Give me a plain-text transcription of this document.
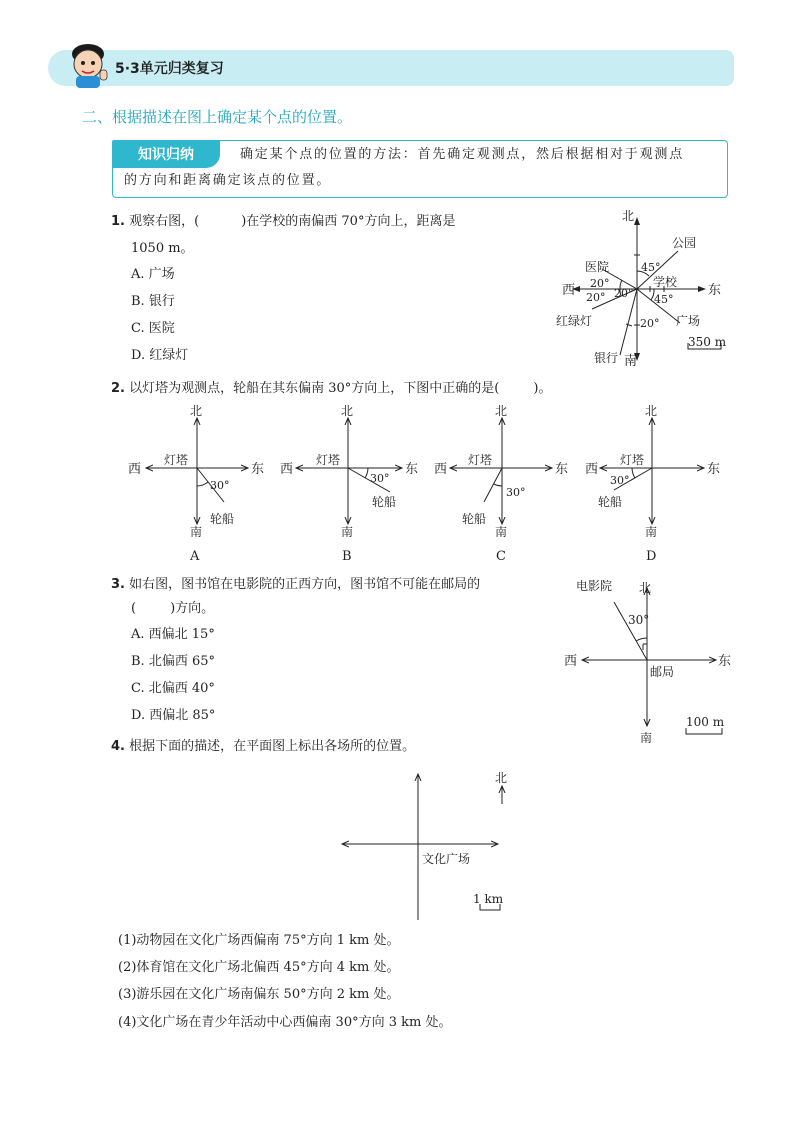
5·3单元归类复习
二、根据描述在图上确定某个点的位置。
知识归纳	确定某个点的位置的方法：首先确定观测点，然后根据相对于观测点
的方向和距离确定该点的位置。
1. 观察右图，(	)在学校的南偏西 70°方向上，距离是
1050 m。
A. 广场
B. 银行
C. 医院
D. 红绿灯
北
东
西
南
公园
医院
学校
广场
银行
红绿灯
45°
20°
20° 20° 45°
20°
350 m
2. 以灯塔为观测点，轮船在其东偏南 30°方向上，下图中正确的是(	)。
北
南
东
西
灯塔
轮船
30°
A
北
南
东
西
灯塔
轮船
30°
B
北
南
东
西
灯塔
轮船
30°
C
北
南
东
西
灯塔
轮船
30°
D
3. 如右图，图书馆在电影院的正西方向，图书馆不可能在邮局的
(	)方向。
A. 西偏北 15°
B. 北偏西 65°
C. 北偏西 40°
D. 西偏北 85°
北
南
东
西
电影院
邮局
30°
100 m
4. 根据下面的描述，在平面图上标出各场所的位置。
北
文化广场
1 km
(1)动物园在文化广场西偏南 75°方向 1 km 处。
(2)体育馆在文化广场北偏西 45°方向 4 km 处。
(3)游乐园在文化广场南偏东 50°方向 2 km 处。
(4)文化广场在青少年活动中心西偏南 30°方向 3 km 处。
